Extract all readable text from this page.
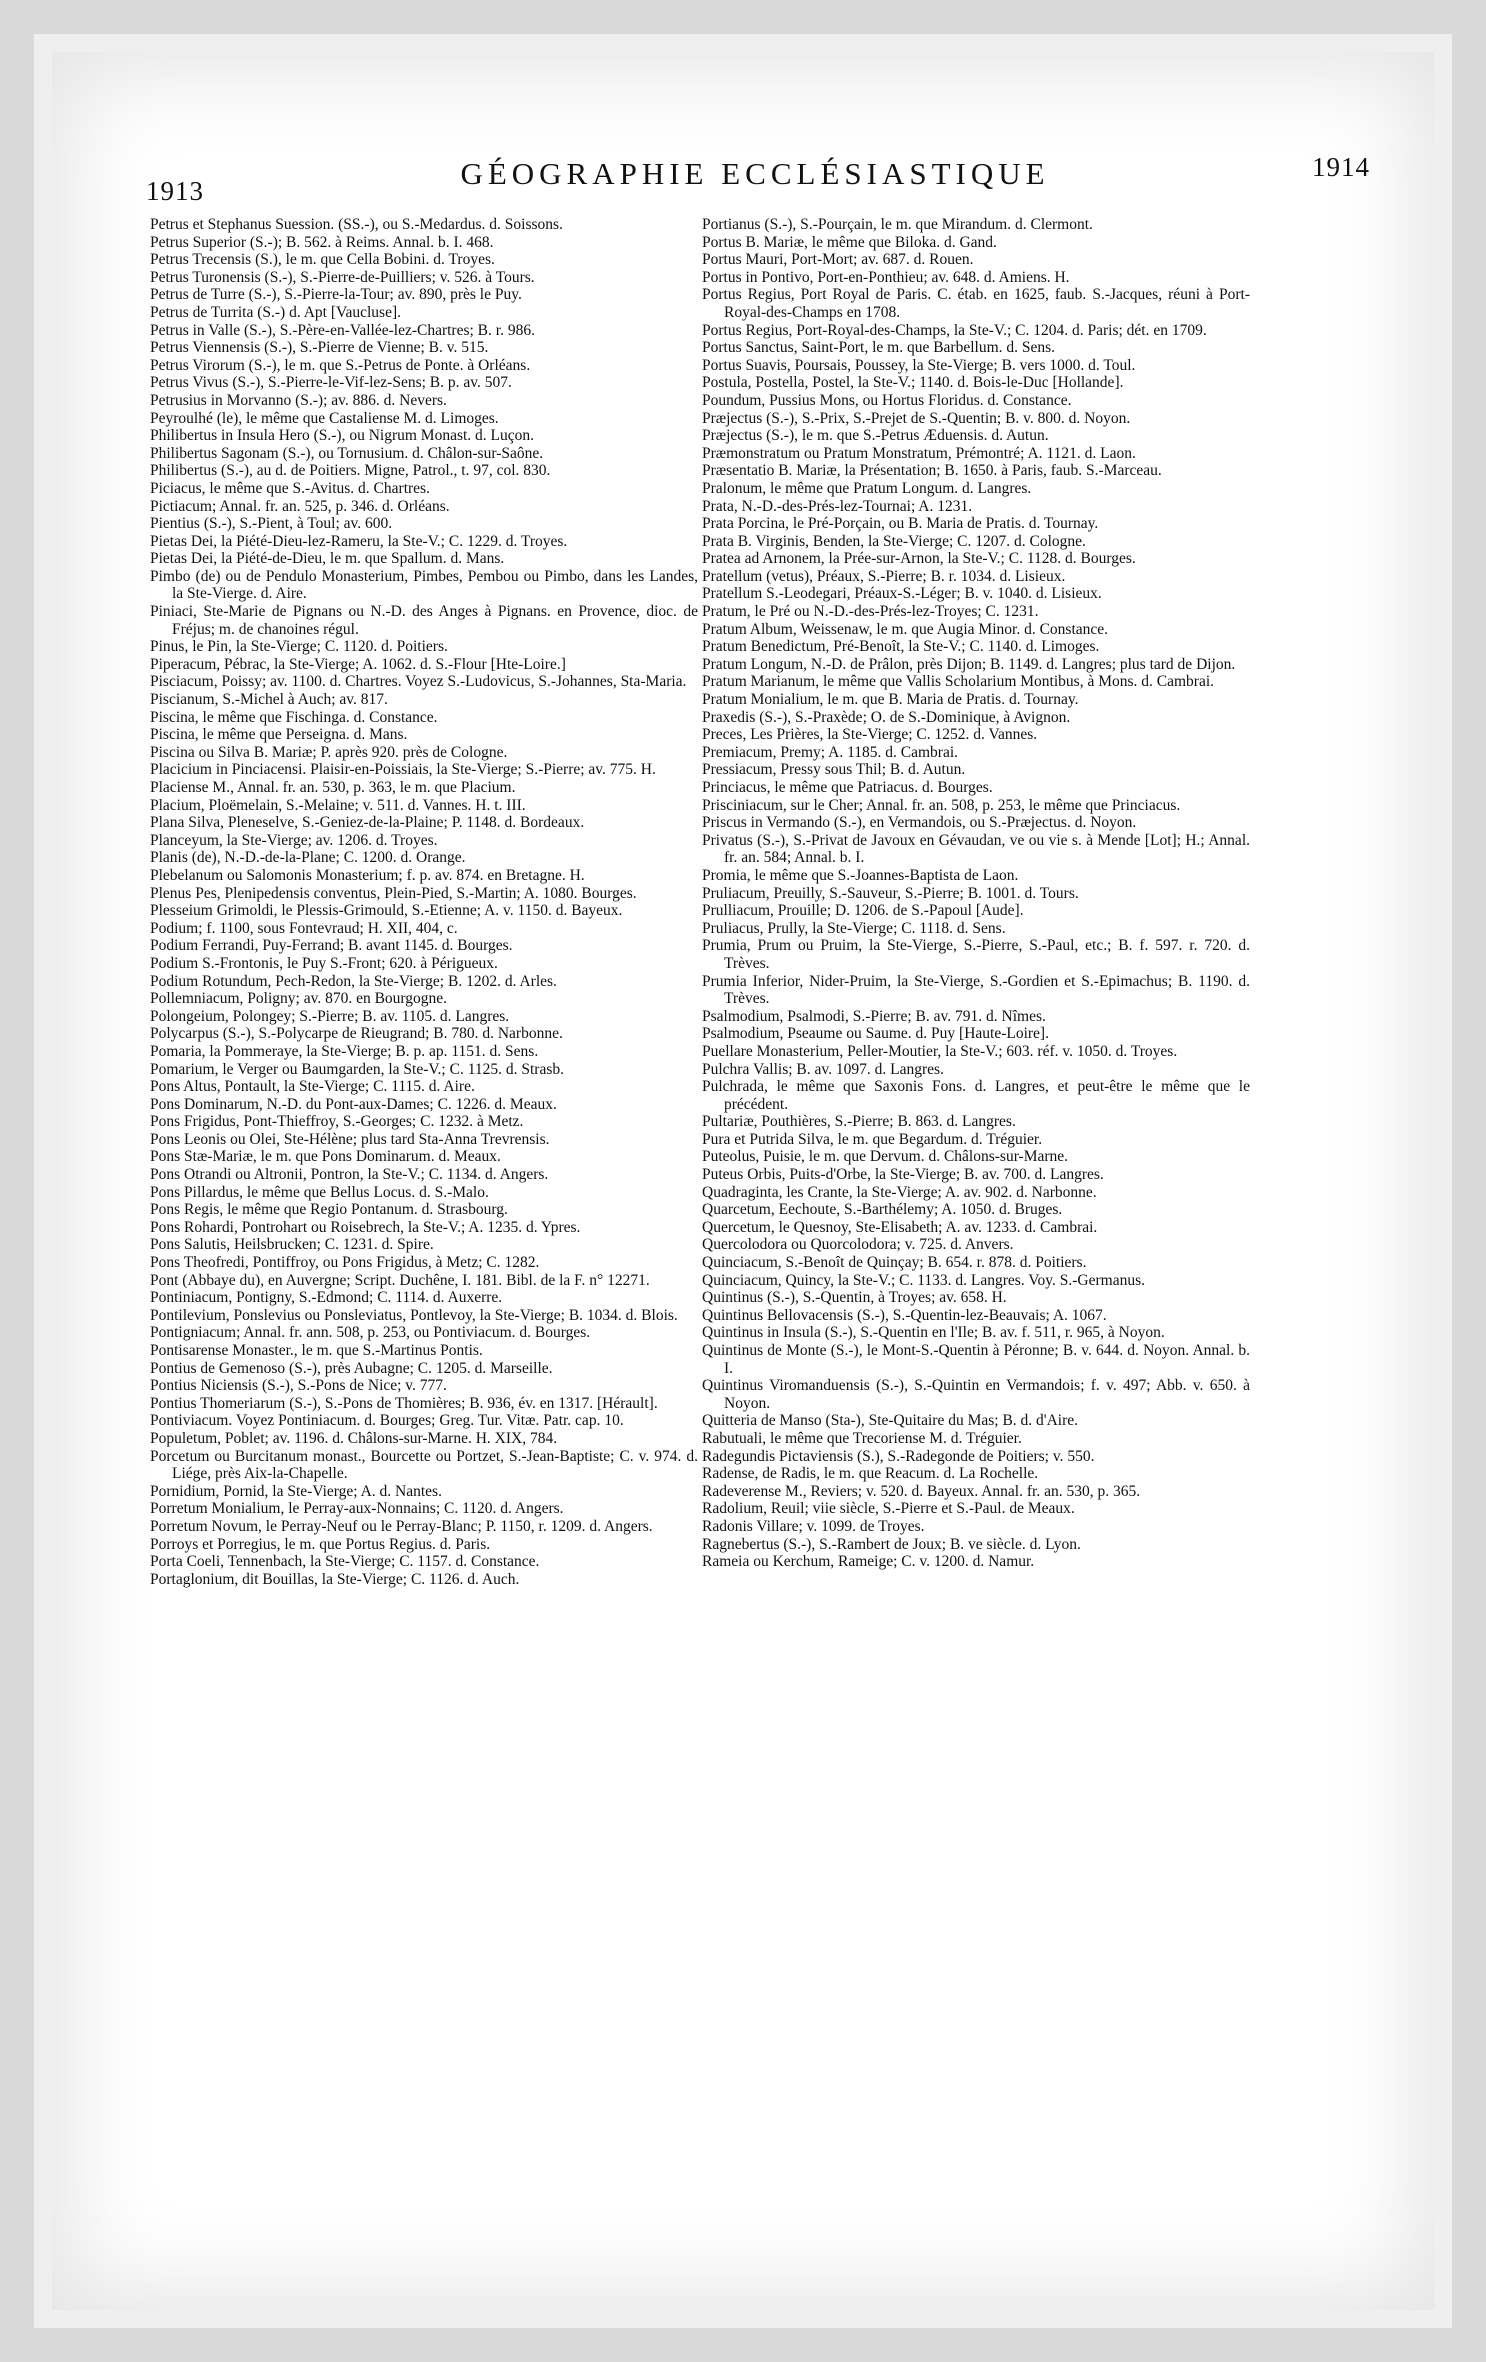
1913	GÉOGRAPHIE ECCLÉSIASTIQUE	1914

Petrus et Stephanus Suession. (SS.-), ou S.-Medardus. d. Soissons.

Petrus Superior (S.-); B. 562. à Reims. Annal. b. I. 468.

Petrus Trecensis (S.), le m. que Cella Bobini. d. Troyes.

Petrus Turonensis (S.-), S.-Pierre-de-Puilliers; v. 526. à Tours.

Petrus de Turre (S.-), S.-Pierre-la-Tour; av. 890, près le Puy.

Petrus de Turrita (S.-) d. Apt [Vaucluse].

Petrus in Valle (S.-), S.-Père-en-Vallée-lez-Chartres; B. r. 986.

Petrus Viennensis (S.-), S.-Pierre de Vienne; B. v. 515.

Petrus Virorum (S.-), le m. que S.-Petrus de Ponte. à Orléans.

Petrus Vivus (S.-), S.-Pierre-le-Vif-lez-Sens; B. p. av. 507.

Petrusius in Morvanno (S.-); av. 886. d. Nevers.

Peyroulhé (le), le même que Castaliense M. d. Limoges.

Philibertus in Insula Hero (S.-), ou Nigrum Monast. d. Luçon.

Philibertus Sagonam (S.-), ou Tornusium. d. Châlon-sur-Saône.

Philibertus (S.-), au d. de Poitiers. Migne, Patrol., t. 97, col. 830.

Piciacus, le même que S.-Avitus. d. Chartres.

Pictiacum; Annal. fr. an. 525, p. 346. d. Orléans.

Pientius (S.-), S.-Pient, à Toul; av. 600.

Pietas Dei, la Piété-Dieu-lez-Rameru, la Ste-V.; C. 1229. d. Troyes.

Pietas Dei, la Piété-de-Dieu, le m. que Spallum. d. Mans.

Pimbo (de) ou de Pendulo Monasterium, Pimbes, Pembou ou Pimbo, dans les Landes, la Ste-Vierge. d. Aire.

Piniaci, Ste-Marie de Pignans ou N.-D. des Anges à Pignans. en Provence, dioc. de Fréjus; m. de chanoines régul.

Pinus, le Pin, la Ste-Vierge; C. 1120. d. Poitiers.

Piperacum, Pébrac, la Ste-Vierge; A. 1062. d. S.-Flour [Hte-Loire.]

Pisciacum, Poissy; av. 1100. d. Chartres. Voyez S.-Ludovicus, S.-Johannes, Sta-Maria.

Piscianum, S.-Michel à Auch; av. 817.

Piscina, le même que Fischinga. d. Constance.

Piscina, le même que Perseigna. d. Mans.

Piscina ou Silva B. Mariæ; P. après 920. près de Cologne.

Placicium in Pinciacensi. Plaisir-en-Poissiais, la Ste-Vierge; S.-Pierre; av. 775. H.

Placiense M., Annal. fr. an. 530, p. 363, le m. que Placium.

Placium, Ploëmelain, S.-Melaine; v. 511. d. Vannes. H. t. III.

Plana Silva, Pleneselve, S.-Geniez-de-la-Plaine; P. 1148. d. Bordeaux.

Planceyum, la Ste-Vierge; av. 1206. d. Troyes.

Planis (de), N.-D.-de-la-Plane; C. 1200. d. Orange.

Plebelanum ou Salomonis Monasterium; f. p. av. 874. en Bretagne. H.

Plenus Pes, Plenipedensis conventus, Plein-Pied, S.-Martin; A. 1080. Bourges.

Plesseium Grimoldi, le Plessis-Grimould, S.-Etienne; A. v. 1150. d. Bayeux.

Podium; f. 1100, sous Fontevraud; H. XII, 404, c.

Podium Ferrandi, Puy-Ferrand; B. avant 1145. d. Bourges.

Podium S.-Frontonis, le Puy S.-Front; 620. à Périgueux.

Podium Rotundum, Pech-Redon, la Ste-Vierge; B. 1202. d. Arles.

Pollemniacum, Poligny; av. 870. en Bourgogne.

Polongeium, Polongey; S.-Pierre; B. av. 1105. d. Langres.

Polycarpus (S.-), S.-Polycarpe de Rieugrand; B. 780. d. Narbonne.

Pomaria, la Pommeraye, la Ste-Vierge; B. p. ap. 1151. d. Sens.

Pomarium, le Verger ou Baumgarden, la Ste-V.; C. 1125. d. Strasb.

Pons Altus, Pontault, la Ste-Vierge; C. 1115. d. Aire.

Pons Dominarum, N.-D. du Pont-aux-Dames; C. 1226. d. Meaux.

Pons Frigidus, Pont-Thieffroy, S.-Georges; C. 1232. à Metz.

Pons Leonis ou Olei, Ste-Hélène; plus tard Sta-Anna Trevrensis.

Pons Stæ-Mariæ, le m. que Pons Dominarum. d. Meaux.

Pons Otrandi ou Altronii, Pontron, la Ste-V.; C. 1134. d. Angers.

Pons Pillardus, le même que Bellus Locus. d. S.-Malo.

Pons Regis, le même que Regio Pontanum. d. Strasbourg.

Pons Rohardi, Pontrohart ou Roisebrech, la Ste-V.; A. 1235. d. Ypres.

Pons Salutis, Heilsbrucken; C. 1231. d. Spire.

Pons Theofredi, Pontiffroy, ou Pons Frigidus, à Metz; C. 1282.

Pont (Abbaye du), en Auvergne; Script. Duchêne, I. 181. Bibl. de la F. n° 12271.

Pontiniacum, Pontigny, S.-Edmond; C. 1114. d. Auxerre.

Pontilevium, Ponslevius ou Ponsleviatus, Pontlevoy, la Ste-Vierge; B. 1034. d. Blois.

Pontigniacum; Annal. fr. ann. 508, p. 253, ou Pontiviacum. d. Bourges.

Pontisarense Monaster., le m. que S.-Martinus Pontis.

Pontius de Gemenoso (S.-), près Aubagne; C. 1205. d. Marseille.

Pontius Niciensis (S.-), S.-Pons de Nice; v. 777.

Pontius Thomeriarum (S.-), S.-Pons de Thomières; B. 936, év. en 1317. [Hérault].

Pontiviacum. Voyez Pontiniacum. d. Bourges; Greg. Tur. Vitæ. Patr. cap. 10.

Populetum, Poblet; av. 1196. d. Châlons-sur-Marne. H. XIX, 784.

Porcetum ou Burcitanum monast., Bourcette ou Portzet, S.-Jean-Baptiste; C. v. 974. d. Liége, près Aix-la-Chapelle.

Pornidium, Pornid, la Ste-Vierge; A. d. Nantes.

Porretum Monialium, le Perray-aux-Nonnains; C. 1120. d. Angers.

Porretum Novum, le Perray-Neuf ou le Perray-Blanc; P. 1150, r. 1209. d. Angers.

Porroys et Porregius, le m. que Portus Regius. d. Paris.

Porta Coeli, Tennenbach, la Ste-Vierge; C. 1157. d. Constance.

Portaglonium, dit Bouillas, la Ste-Vierge; C. 1126. d. Auch.

Portianus (S.-), S.-Pourçain, le m. que Mirandum. d. Clermont.

Portus B. Mariæ, le même que Biloka. d. Gand.

Portus Mauri, Port-Mort; av. 687. d. Rouen.

Portus in Pontivo, Port-en-Ponthieu; av. 648. d. Amiens. H.

Portus Regius, Port Royal de Paris. C. étab. en 1625, faub. S.-Jacques, réuni à Port-Royal-des-Champs en 1708.

Portus Regius, Port-Royal-des-Champs, la Ste-V.; C. 1204. d. Paris; dét. en 1709.

Portus Sanctus, Saint-Port, le m. que Barbellum. d. Sens.

Portus Suavis, Poursais, Poussey, la Ste-Vierge; B. vers 1000. d. Toul.

Postula, Postella, Postel, la Ste-V.; 1140. d. Bois-le-Duc [Hollande].

Poundum, Pussius Mons, ou Hortus Floridus. d. Constance.

Præjectus (S.-), S.-Prix, S.-Prejet de S.-Quentin; B. v. 800. d. Noyon.

Præjectus (S.-), le m. que S.-Petrus Æduensis. d. Autun.

Præmonstratum ou Pratum Monstratum, Prémontré; A. 1121. d. Laon.

Præsentatio B. Mariæ, la Présentation; B. 1650. à Paris, faub. S.-Marceau.

Pralonum, le même que Pratum Longum. d. Langres.

Prata, N.-D.-des-Prés-lez-Tournai; A. 1231.

Prata Porcina, le Pré-Porçain, ou B. Maria de Pratis. d. Tournay.

Prata B. Virginis, Benden, la Ste-Vierge; C. 1207. d. Cologne.

Pratea ad Arnonem, la Prée-sur-Arnon, la Ste-V.; C. 1128. d. Bourges.

Pratellum (vetus), Préaux, S.-Pierre; B. r. 1034. d. Lisieux.

Pratellum S.-Leodegari, Préaux-S.-Léger; B. v. 1040. d. Lisieux.

Pratum, le Pré ou N.-D.-des-Prés-lez-Troyes; C. 1231.

Pratum Album, Weissenaw, le m. que Augia Minor. d. Constance.

Pratum Benedictum, Pré-Benoît, la Ste-V.; C. 1140. d. Limoges.

Pratum Longum, N.-D. de Prâlon, près Dijon; B. 1149. d. Langres; plus tard de Dijon.

Pratum Marianum, le même que Vallis Scholarium Montibus, à Mons. d. Cambrai.

Pratum Monialium, le m. que B. Maria de Pratis. d. Tournay.

Praxedis (S.-), S.-Praxède; O. de S.-Dominique, à Avignon.

Preces, Les Prières, la Ste-Vierge; C. 1252. d. Vannes.

Premiacum, Premy; A. 1185. d. Cambrai.

Pressiacum, Pressy sous Thil; B. d. Autun.

Princiacus, le même que Patriacus. d. Bourges.

Prisciniacum, sur le Cher; Annal. fr. an. 508, p. 253, le même que Princiacus.

Priscus in Vermando (S.-), en Vermandois, ou S.-Præjectus. d. Noyon.

Privatus (S.-), S.-Privat de Javoux en Gévaudan, ve ou vie s. à Mende [Lot]; H.; Annal. fr. an. 584; Annal. b. I.

Promia, le même que S.-Joannes-Baptista de Laon.

Pruliacum, Preuilly, S.-Sauveur, S.-Pierre; B. 1001. d. Tours.

Prulliacum, Prouille; D. 1206. de S.-Papoul [Aude].

Pruliacus, Prully, la Ste-Vierge; C. 1118. d. Sens.

Prumia, Prum ou Pruim, la Ste-Vierge, S.-Pierre, S.-Paul, etc.; B. f. 597. r. 720. d. Trèves.

Prumia Inferior, Nider-Pruim, la Ste-Vierge, S.-Gordien et S.-Epimachus; B. 1190. d. Trèves.

Psalmodium, Psalmodi, S.-Pierre; B. av. 791. d. Nîmes.

Psalmodium, Pseaume ou Saume. d. Puy [Haute-Loire].

Puellare Monasterium, Peller-Moutier, la Ste-V.; 603. réf. v. 1050. d. Troyes.

Pulchra Vallis; B. av. 1097. d. Langres.

Pulchrada, le même que Saxonis Fons. d. Langres, et peut-être le même que le précédent.

Pultariæ, Pouthières, S.-Pierre; B. 863. d. Langres.

Pura et Putrida Silva, le m. que Begardum. d. Tréguier.

Puteolus, Puisie, le m. que Dervum. d. Châlons-sur-Marne.

Puteus Orbis, Puits-d'Orbe, la Ste-Vierge; B. av. 700. d. Langres.

Quadraginta, les Crante, la Ste-Vierge; A. av. 902. d. Narbonne.

Quarcetum, Eechoute, S.-Barthélemy; A. 1050. d. Bruges.

Quercetum, le Quesnoy, Ste-Elisabeth; A. av. 1233. d. Cambrai.

Quercolodora ou Quorcolodora; v. 725. d. Anvers.

Quinciacum, S.-Benoît de Quinçay; B. 654. r. 878. d. Poitiers.

Quinciacum, Quincy, la Ste-V.; C. 1133. d. Langres. Voy. S.-Germanus.

Quintinus (S.-), S.-Quentin, à Troyes; av. 658. H.

Quintinus Bellovacensis (S.-), S.-Quentin-lez-Beauvais; A. 1067.

Quintinus in Insula (S.-), S.-Quentin en l'Ile; B. av. f. 511, r. 965, à Noyon.

Quintinus de Monte (S.-), le Mont-S.-Quentin à Péronne; B. v. 644. d. Noyon. Annal. b. I.

Quintinus Viromanduensis (S.-), S.-Quintin en Vermandois; f. v. 497; Abb. v. 650. à Noyon.

Quitteria de Manso (Sta-), Ste-Quitaire du Mas; B. d. d'Aire.

Rabutuali, le même que Trecoriense M. d. Tréguier.

Radegundis Pictaviensis (S.), S.-Radegonde de Poitiers; v. 550.

Radense, de Radis, le m. que Reacum. d. La Rochelle.

Radeverense M., Reviers; v. 520. d. Bayeux. Annal. fr. an. 530, p. 365.

Radolium, Reuil; viie siècle, S.-Pierre et S.-Paul. de Meaux.

Radonis Villare; v. 1099. de Troyes.

Ragnebertus (S.-), S.-Rambert de Joux; B. ve siècle. d. Lyon.

Rameia ou Kerchum, Rameige; C. v. 1200. d. Namur.
